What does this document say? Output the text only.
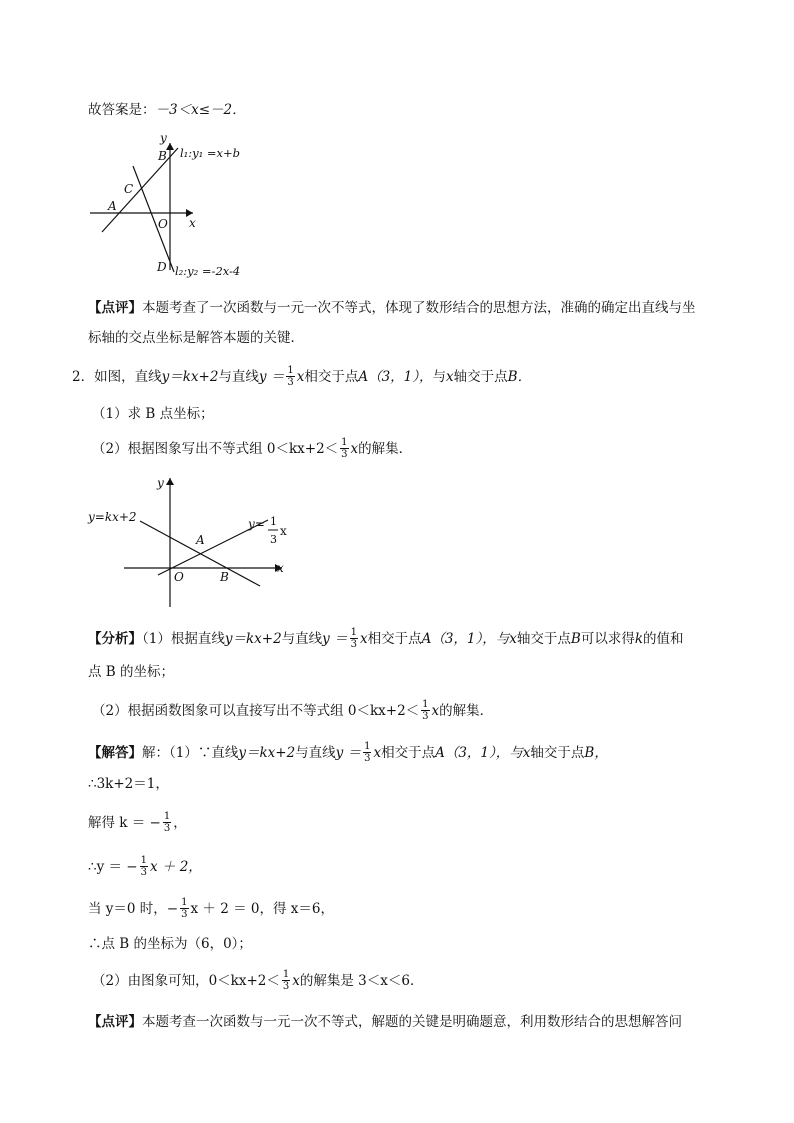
故答案是：－3＜x≤－2．
y
x
O
A
B
C
D
l₁:y₁ =x+b
l₂:y₂ =-2x-4
【点评】本题考查了一次函数与一元一次不等式，体现了数形结合的思想方法，准确的确定出直线与坐
标轴的交点坐标是解答本题的关键．
2．如图，直线y＝kx+2与直线$y = \frac{1}{3}$ x相交于点A（3，1），与x轴交于点B．
（1）求 B 点坐标；
（2）根据图象写出不等式组 $0<kx+2< \frac{1}{3}$ x的解集．
y
x
O
A
B
y=kx+2	y= 1
3
x
【分析】（1）根据直线y＝kx+2与直线$y = \frac{1}{3}$ x相交于点A（3，1），与x轴交于点B可以求得k的值和
点 B 的坐标；
（2）根据函数图象可以直接写出不等式组 $0<kx+2< \frac{1}{3}$ x的解集．
【解答】解：（1）∵直线y＝kx+2与直线$y = \frac{1}{3}$ x相交于点A（3，1），与x轴交于点B，
∴3k+2＝1，
解得 k ＝ − $\frac{1}{3}$ ，
∴y ＝ − $\frac{1}{3}$ x ＋ 2，
当 y＝0 时，− $\frac{1}{3}$ x ＋ 2 ＝ 0，得 x＝6，
∴点 B 的坐标为（6，0）；
（2）由图象可知，$0<kx+2< \frac{1}{3}$ x的解集是 3＜x＜6．
【点评】本题考查一次函数与一元一次不等式，解题的关键是明确题意，利用数形结合的思想解答问
